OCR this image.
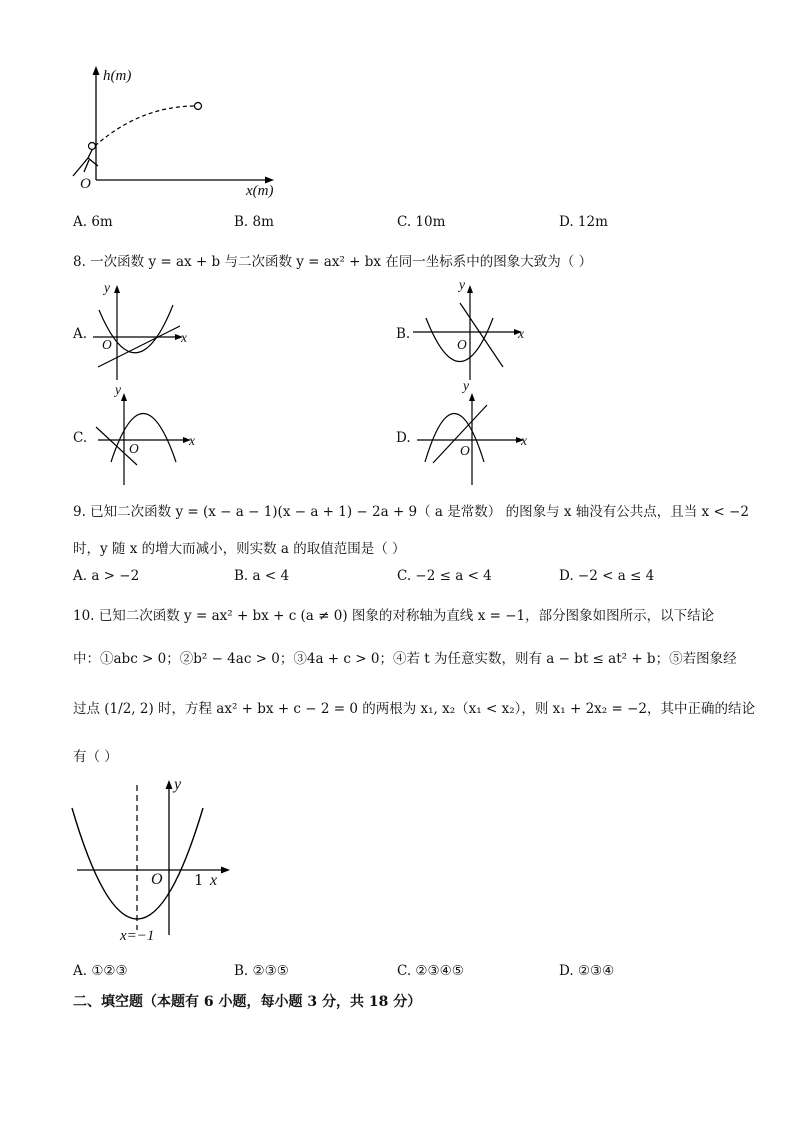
h(m)
x(m)
O
A. 6m	B. 8m	C. 10m	D. 12m
8. 一次函数 y = ax + b 与二次函数 y = ax² + bx 在同一坐标系中的图象大致为（ ）
A.	B.
C.	D.
y
x
O
y
x
O
y
x
O
y
x
O
9. 已知二次函数 y = (x − a − 1)(x − a + 1) − 2a + 9（ a 是常数） 的图象与 x 轴没有公共点，且当 x < −2
时，y 随 x 的增大而减小，则实数 a 的取值范围是（ ）
A. a > −2	B. a < 4	C. −2 ≤ a < 4	D. −2 < a ≤ 4
10. 已知二次函数 y = ax² + bx + c (a ≠ 0) 图象的对称轴为直线 x = −1，部分图象如图所示，以下结论
中：①abc > 0；②b² − 4ac > 0；③4a + c > 0；④若 t 为任意实数，则有 a − bt ≤ at² + b；⑤若图象经
过点 (1/2, 2) 时，方程 ax² + bx + c − 2 = 0 的两根为 x₁, x₂（x₁ < x₂），则 x₁ + 2x₂ = −2，其中正确的结论
有（ ）
y
x
O 1
x=−1
A. ①②③	B. ②③⑤	C. ②③④⑤	D. ②③④
二、填空题（本题有 6 小题，每小题 3 分，共 18 分）
